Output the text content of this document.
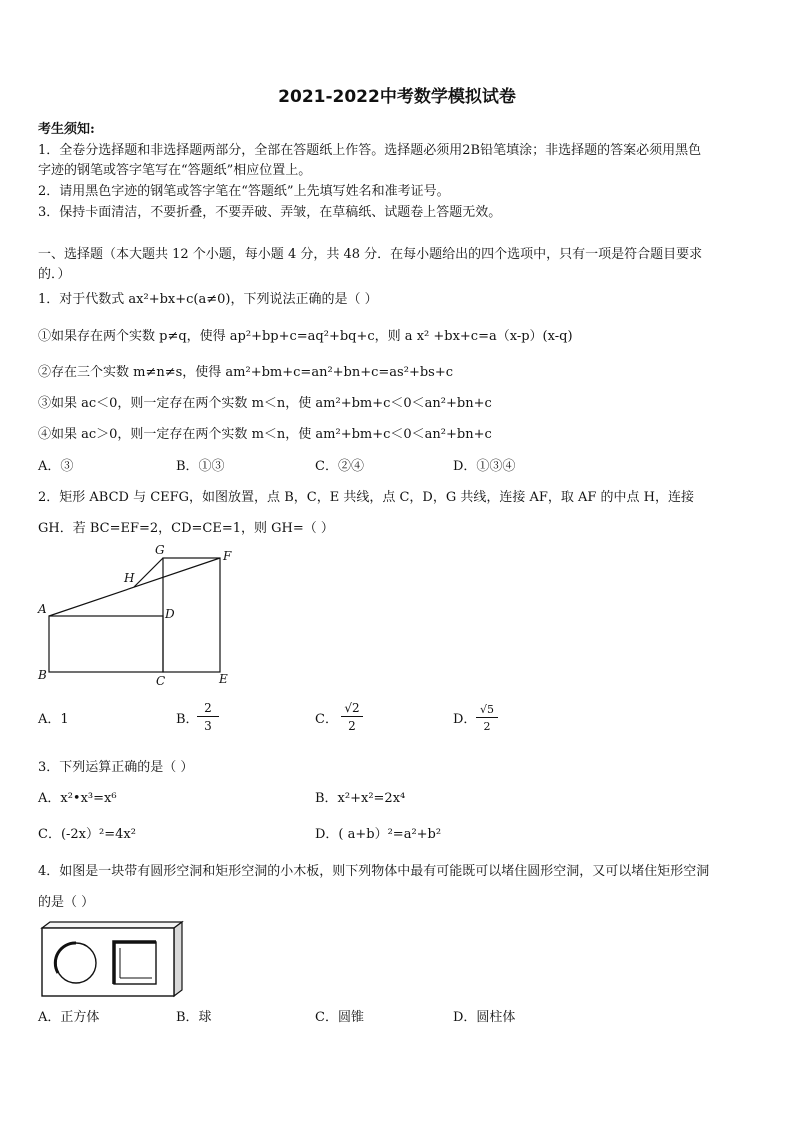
2021-2022中考数学模拟试卷
考生须知:
1．全卷分选择题和非选择题两部分，全部在答题纸上作答。选择题必须用2B铅笔填涂；非选择题的答案必须用黑色
字迹的钢笔或答字笔写在“答题纸”相应位置上。
2．请用黑色字迹的钢笔或答字笔在“答题纸”上先填写姓名和准考证号。
3．保持卡面清洁，不要折叠，不要弄破、弄皱，在草稿纸、试题卷上答题无效。
一、选择题（本大题共 12 个小题，每小题 4 分，共 48 分．在每小题给出的四个选项中，只有一项是符合题目要求
的．）
1．对于代数式 ax²+bx+c(a≠0)，下列说法正确的是（ ）
①如果存在两个实数 p≠q，使得 ap²+bp+c=aq²+bq+c，则 a x² +bx+c=a（x-p）(x-q)
②存在三个实数 m≠n≠s，使得 am²+bm+c=an²+bn+c=as²+bs+c
③如果 ac＜0，则一定存在两个实数 m＜n，使 am²+bm+c＜0＜an²+bn+c
④如果 ac＞0，则一定存在两个实数 m＜n，使 am²+bm+c＜0＜an²+bn+c
A．③	B．①③	C．②④	D．①③④
2．矩形 ABCD 与 CEFG，如图放置，点 B，C，E 共线，点 C，D，G 共线，连接 AF，取 AF 的中点 H，连接
GH．若 BC=EF=2，CD=CE=1，则 GH=（ ）
G	F
H
A	D
B	C	E
A．1	B．
$\frac{2}{3}$	C． $\frac{√2}{2}$	D． $\frac{√5}{2}$
3．下列运算正确的是（ ）
A．x²•x³=x⁶	B．x²+x²=2x⁴
C．(-2x）²=4x²	D．( a+b）²=a²+b²
4．如图是一块带有圆形空洞和矩形空洞的小木板，则下列物体中最有可能既可以堵住圆形空洞，又可以堵住矩形空洞
的是（ ）
A．正方体	B．球	C．圆锥	D．圆柱体
